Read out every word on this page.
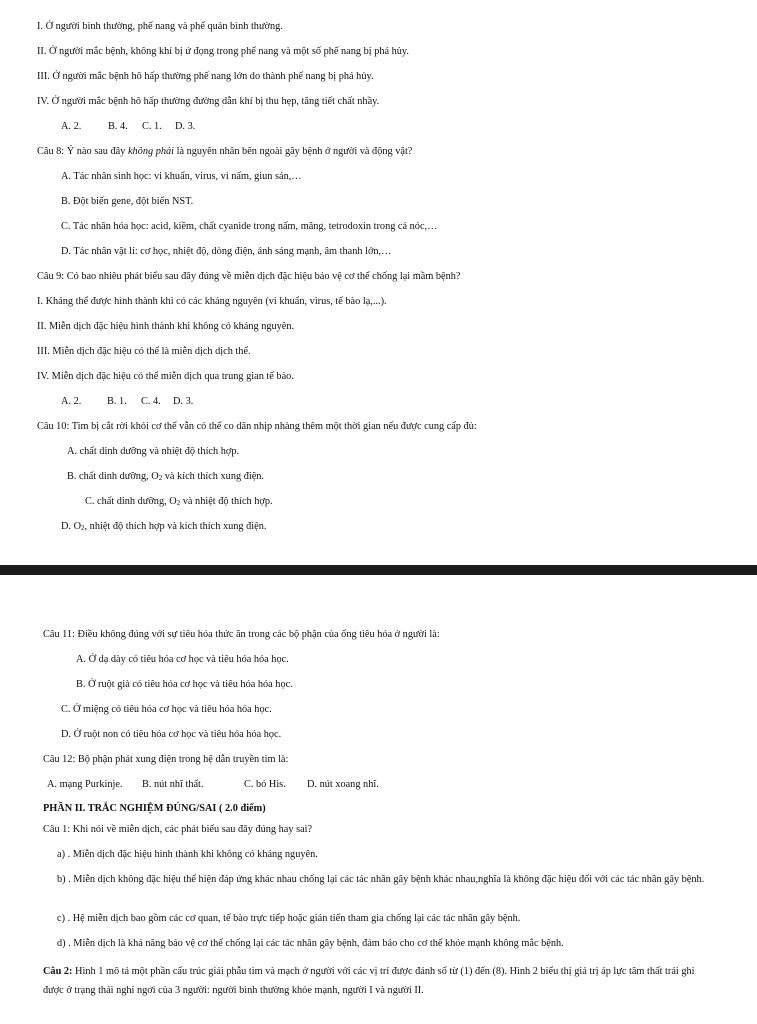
I. Ở người bình thường, phế nang và phế quản bình thường.
II. Ở người mắc bệnh, không khí bị ứ đọng trong phế nang và một số phế nang bị phá hủy.
III. Ở người mắc bệnh hô hấp thường phế nang lớn do thành phế nang bị phá hủy.
IV. Ở người mắc bệnh hô hấp thường đường dẫn khí bị thu hẹp, tăng tiết chất nhầy.
A. 2.	B. 4. C. 1. D. 3.
Câu 8: Ý nào sau đây không phải là nguyên nhân bên ngoài gây bệnh ở người và động vật?
A. Tác nhân sinh học: vi khuẩn, virus, vi nấm, giun sán,…
B. Đột biến gene, đột biến NST.
C. Tác nhân hóa học: acid, kiềm, chất cyanide trong nấm, măng, tetrodoxin trong cá nóc,…
D. Tác nhân vật lí: cơ học, nhiệt độ, dòng điện, ánh sáng mạnh, âm thanh lớn,…
Câu 9: Có bao nhiêu phát biểu sau đây đúng về miễn dịch đặc hiệu bảo vệ cơ thể chống lại mầm bệnh?
I. Kháng thể được hình thành khi có các kháng nguyên (vi khuẩn, virus, tế bào lạ,...).
II. Miễn dịch đặc hiệu hình thành khi không có kháng nguyên.
III. Miễn dịch đặc hiệu có thể là miễn dịch dịch thể.
IV. Miễn dịch đặc hiệu có thể miễn dịch qua trung gian tế bào.
A. 2. B. 1. C. 4. D. 3.
Câu 10: Tim bị cắt rời khỏi cơ thể vẫn có thể co dãn nhịp nhàng thêm một thời gian nếu được cung cấp đủ:
A. chất dinh dưỡng và nhiệt độ thích hợp.
B. chất dinh dưỡng, $O_2$ và kích thích xung điện.
C. chất dinh dưỡng, $O_2$ và nhiệt độ thích hợp.
D. $O_2$, nhiệt độ thích hợp và kích thích xung điện.
Câu 11: Điều không đúng với sự tiêu hóa thức ăn trong các bộ phận của ống tiêu hóa ở người là:
A. Ở dạ dày có tiêu hóa cơ học và tiêu hóa hóa học.
B. Ở ruột già có tiêu hóa cơ học và tiêu hóa hóa học.
C. Ở miệng có tiêu hóa cơ học và tiêu hóa hóa học.
D. Ở ruột non có tiêu hóa cơ học và tiêu hóa hóa học.
Câu 12: Bộ phận phát xung điện trong hệ dẫn truyền tim là:
A. mạng Purkinje. B. nút nhĩ thất.	C. bó His. D. nút xoang nhĩ.
PHẦN II. TRẮC NGHIỆM ĐÚNG/SAI ( 2.0 điểm)
Câu 1: Khi nói về miễn dịch, các phát biểu sau đây đúng hay sai?
a) . Miễn dịch đặc hiệu hình thành khi không có kháng nguyên.
b) . Miễn dịch không đặc hiệu thể hiện đáp ứng khác nhau chống lại các tác nhân gây bệnh khác nhau,nghĩa là không đặc hiệu đối với các tác nhân gây bệnh.
c) . Hệ miễn dịch bao gồm các cơ quan, tế bào trực tiếp hoặc gián tiến tham gia chống lại các tác nhân gây bệnh.
d) . Miễn dịch là khả năng bảo vệ cơ thể chống lại các tác nhân gây bệnh, đảm bảo cho cơ thể khỏe mạnh không mắc bệnh.
Câu 2: Hình 1 mô tả một phần cấu trúc giải phẫu tim và mạch ở người với các vị trí được đánh số từ (1) đến (8). Hình 2 biểu thị giá trị áp lực tâm thất trái ghi được ở trạng thái nghỉ ngơi của 3 người: người bình thường khỏe mạnh, người I và người II.
